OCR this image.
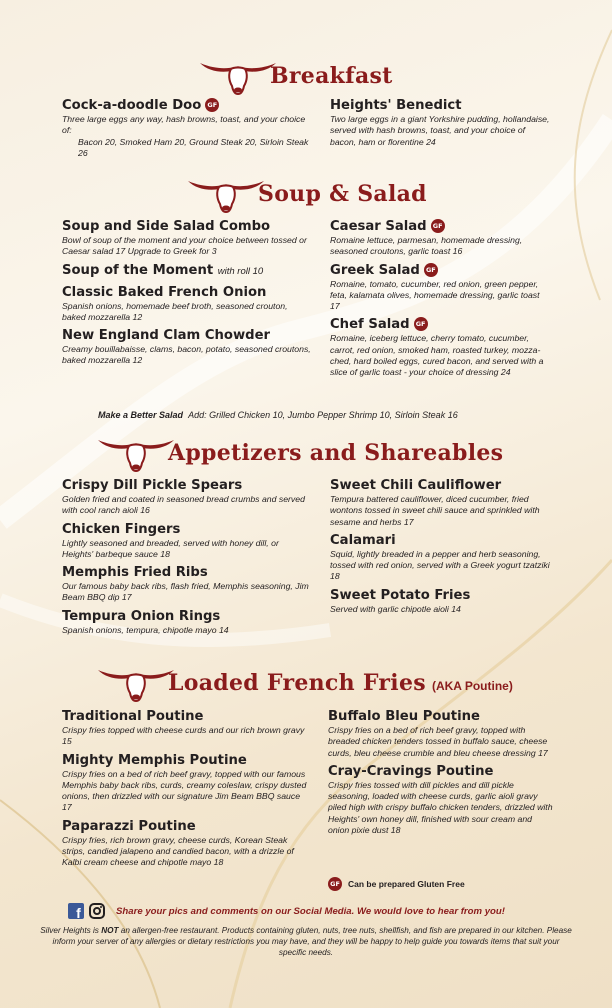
Breakfast
Cock-a-doodle Doo GF
Three large eggs any way, hash browns, toast, and your choice of:
Bacon 20, Smoked Ham 20, Ground Steak 20, Sirloin Steak 26
Heights' Benedict
Two large eggs in a giant Yorkshire pudding, hollandaise, served with hash browns, toast, and your choice of bacon, ham or florentine 24
Soup & Salad
Soup and Side Salad Combo
Bowl of soup of the moment and your choice between tossed or Caesar salad 17 Upgrade to Greek for 3
Soup of the Moment with roll 10
Classic Baked French Onion
Spanish onions, homemade beef broth, seasoned crouton, baked mozzarella 12
New England Clam Chowder
Creamy bouillabaisse, clams, bacon, potato, seasoned croutons, baked mozzarella 12
Caesar Salad GF
Romaine lettuce, parmesan, homemade dressing, seasoned croutons, garlic toast 16
Greek Salad GF
Romaine, tomato, cucumber, red onion, green pepper, feta, kalamata olives, homemade dressing, garlic toast 17
Chef Salad GF
Romaine, iceberg lettuce, cherry tomato, cucumber, carrot, red onion, smoked ham, roasted turkey, mozza-ched, hard boiled eggs, cured bacon, and served with a slice of garlic toast - your choice of dressing 24
Make a Better Salad Add: Grilled Chicken 10, Jumbo Pepper Shrimp 10, Sirloin Steak 16
Appetizers and Shareables
Crispy Dill Pickle Spears
Golden fried and coated in seasoned bread crumbs and served with cool ranch aioli 16
Chicken Fingers
Lightly seasoned and breaded, served with honey dill, or Heights' barbeque sauce 18
Memphis Fried Ribs
Our famous baby back ribs, flash fried, Memphis seasoning, Jim Beam BBQ dip 17
Tempura Onion Rings
Spanish onions, tempura, chipotle mayo 14
Sweet Chili Cauliflower
Tempura battered cauliflower, diced cucumber, fried wontons tossed in sweet chili sauce and sprinkled with sesame and herbs 17
Calamari
Squid, lightly breaded in a pepper and herb seasoning, tossed with red onion, served with a Greek yogurt tzatziki 18
Sweet Potato Fries
Served with garlic chipotle aioli 14
Loaded French Fries (AKA Poutine)
Traditional Poutine
Crispy fries topped with cheese curds and our rich brown gravy 15
Mighty Memphis Poutine
Crispy fries on a bed of rich beef gravy, topped with our famous Memphis baby back ribs, curds, creamy coleslaw, crispy dusted onions, then drizzled with our signature Jim Beam BBQ sauce 17
Paparazzi Poutine
Crispy fries, rich brown gravy, cheese curds, Korean Steak strips, candied jalapeno and candied bacon, with a drizzle of Kalbi cream cheese and chipotle mayo 18
Buffalo Bleu Poutine
Crispy fries on a bed of rich beef gravy, topped with breaded chicken tenders tossed in buffalo sauce, cheese curds, bleu cheese crumble and bleu cheese dressing 17
Cray-Cravings Poutine
Crispy fries tossed with dill pickles and dill pickle seasoning, loaded with cheese curds, garlic aioli gravy piled high with crispy buffalo chicken tenders, drizzled with Heights' own honey dill, finished with sour cream and onion pixie dust 18
GF Can be prepared Gluten Free
f	Share your pics and comments on our Social Media. We would love to hear from you!
Silver Heights is NOT an allergen-free restaurant. Products containing gluten, nuts, tree nuts, shellfish, and fish are prepared in our kitchen. Please inform your server of any allergies or dietary restrictions you may have, and they will be happy to help guide you towards items that suit your specific needs.
